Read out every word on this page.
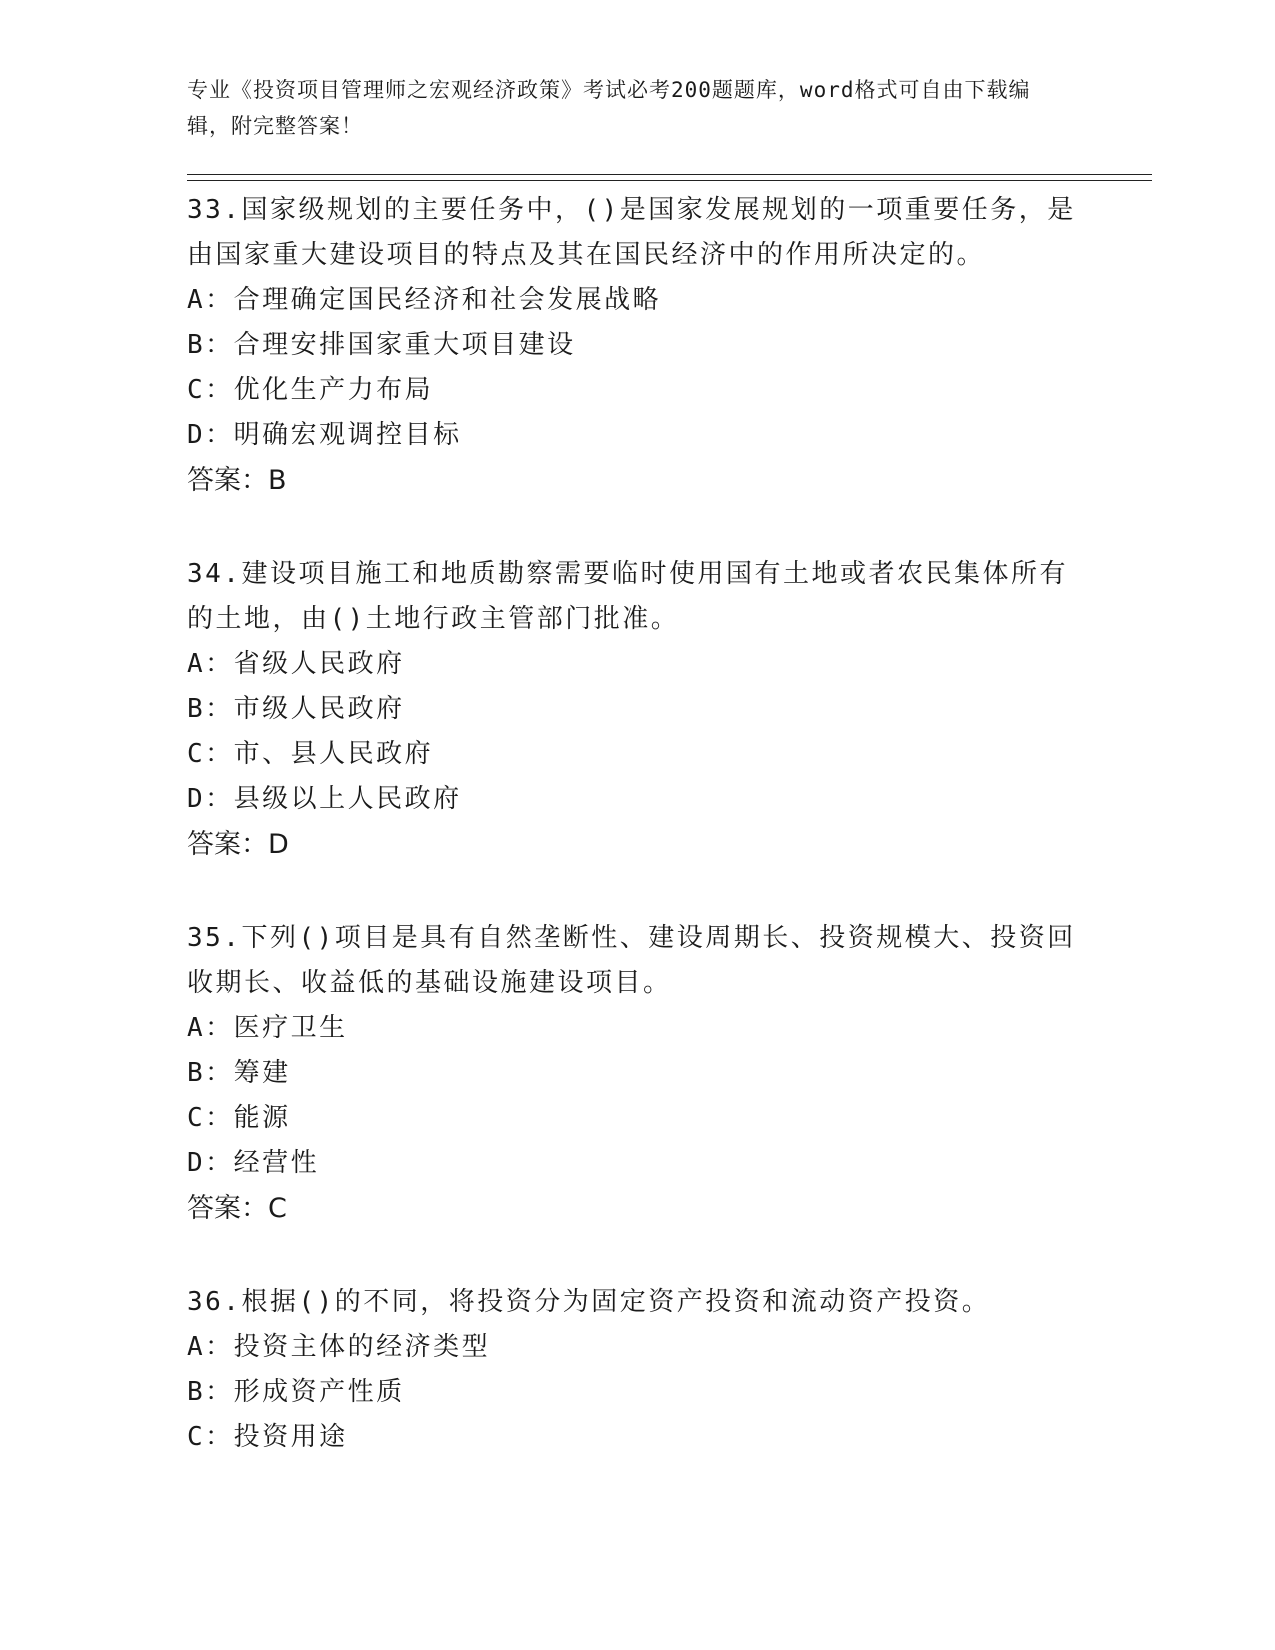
专业《投资项目管理师之宏观经济政策》考试必考200题题库，word格式可自由下载编辑，附完整答案！

33.国家级规划的主要任务中，()是国家发展规划的一项重要任务，是由国家重大建设项目的特点及其在国民经济中的作用所决定的。

A：合理确定国民经济和社会发展战略

B：合理安排国家重大项目建设

C：优化生产力布局

D：明确宏观调控目标

答案：B

34.建设项目施工和地质勘察需要临时使用国有土地或者农民集体所有的土地，由()土地行政主管部门批准。

A：省级人民政府

B：市级人民政府

C：市、县人民政府

D：县级以上人民政府

答案：D

35.下列()项目是具有自然垄断性、建设周期长、投资规模大、投资回收期长、收益低的基础设施建设项目。

A：医疗卫生

B：筹建

C：能源

D：经营性

答案：C

36.根据()的不同，将投资分为固定资产投资和流动资产投资。

A：投资主体的经济类型

B：形成资产性质

C：投资用途
